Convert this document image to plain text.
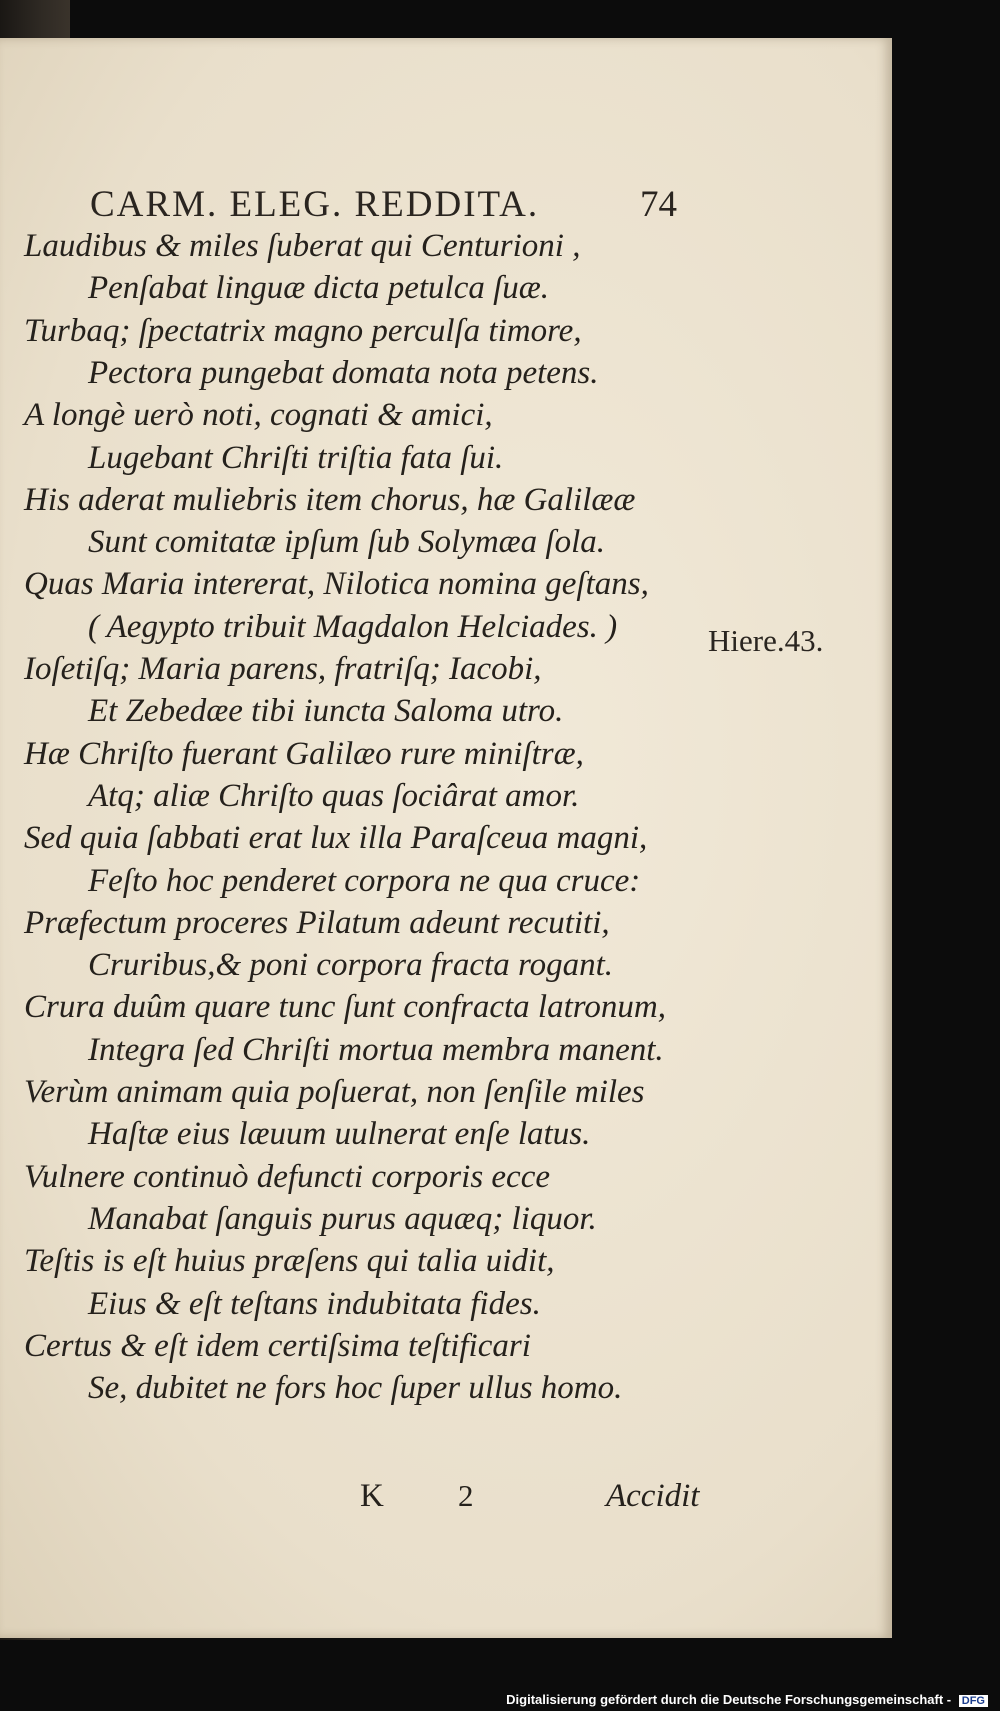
CARM. ELEG. REDDITA.	74
Laudibus & miles ſuberat qui Centurioni ,
Penſabat linguæ dicta petulca ſuæ.
Turbaq; ſpectatrix magno perculſa timore,
Pectora pungebat domata nota petens.
A longè uerò noti, cognati & amici,
Lugebant Chriſti triſtia fata ſui.
His aderat muliebris item chorus, hæ Galilææ
Sunt comitatæ ipſum ſub Solymæa ſola.
Quas Maria intererat, Nilotica nomina geſtans,
( Aegypto tribuit Magdalon Helciades. )
Ioſetiſq; Maria parens, fratriſq; Iacobi,
Et Zebedæe tibi iuncta Saloma utro.
Hæ Chriſto fuerant Galilæo rure miniſtræ,
Atq; aliæ Chriſto quas ſociârat amor.
Sed quia ſabbati erat lux illa Paraſceua magni,
Feſto hoc penderet corpora ne qua cruce:
Præfectum proceres Pilatum adeunt recutiti,
Cruribus,& poni corpora fracta rogant.
Crura duûm quare tunc ſunt confracta latronum,
Integra ſed Chriſti mortua membra manent.
Verùm animam quia poſuerat, non ſenſile miles
Haſtæ eius læuum uulnerat enſe latus.
Vulnere continuò defuncti corporis ecce
Manabat ſanguis purus aquæq; liquor.
Teſtis is eſt huius præſens qui talia uidit,
Eius & eſt teſtans indubitata fides.
Certus & eſt idem certiſsima teſtificari
Se, dubitet ne fors hoc ſuper ullus homo.
Hiere.43.
K 2	Accidit
Digitalisierung gefördert durch die Deutsche Forschungsgemeinschaft - DFG
